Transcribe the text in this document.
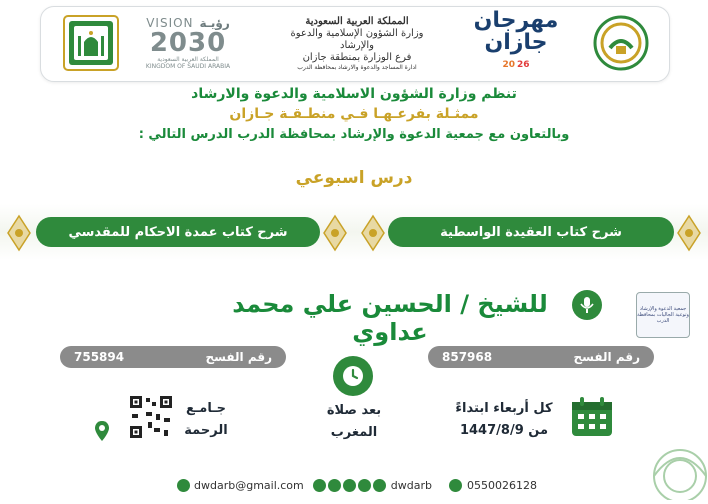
VISION رؤيـة
2030
المملكة العربية السعودية
KINGDOM OF SAUDI ARABIA
المملكة العربية السعودية
وزارة الشؤون الإسلامية والدعوة والإرشاد
فرع الوزارة بمنطقة جازان
ادارة المساجد والدعوة والارشاد بمحافظة الدرب
مهرجان جازان
20 26
تنظم وزارة الشؤون الاسلامية والدعوة والارشاد
ممثـلة بفرعـهـا فـي منطـقـة جـازان
وبالتعاون مع جمعية الدعوة والإرشاد بمحافظة الدرب الدرس التالي :
درس اسبوعي
شرح كتاب عمدة الاحكام للمقدسي	شرح كتاب العقيدة الواسطية
للشيخ / الحسين علي محمد عداوي
جمعية الدعوة والإرشاد وتوعية الجاليات بمحافظة الدرب
رقم الفسح
755894	رقم الفسح
857968
بعد صلاة
المغرب
كل أربعاء ابتداءً
من 1447/8/9
جـامـع
الرحمة
dwdarb@gmail.com	dwdarb	0550026128
